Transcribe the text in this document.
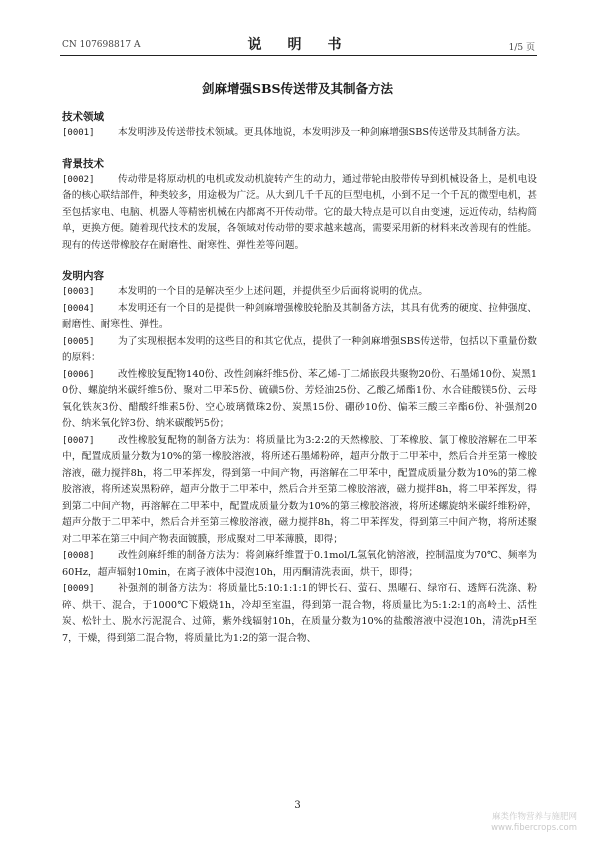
CN 107698817 A	说　明　书	1/5 页
剑麻增强SBS传送带及其制备方法

技术领域

[0001] 本发明涉及传送带技术领域。更具体地说，本发明涉及一种剑麻增强SBS传送带及其制备方法。

背景技术

[0002] 传动带是将原动机的电机或发动机旋转产生的动力，通过带轮由胶带传导到机械设备上，是机电设备的核心联结部件，种类较多，用途极为广泛。从大到几千千瓦的巨型电机，小到不足一个千瓦的微型电机，甚至包括家电、电脑、机器人等精密机械在内都离不开传动带。它的最大特点是可以自由变速，远近传动，结构简单，更换方便。随着现代技术的发展，各领域对传动带的要求越来越高，需要采用新的材料来改善现有的性能。现有的传送带橡胶存在耐磨性、耐寒性、弹性差等问题。

发明内容

[0003] 本发明的一个目的是解决至少上述问题，并提供至少后面将说明的优点。

[0004] 本发明还有一个目的是提供一种剑麻增强橡胶轮胎及其制备方法，其具有优秀的硬度、拉伸强度、耐磨性、耐寒性、弹性。

[0005] 为了实现根据本发明的这些目的和其它优点，提供了一种剑麻增强SBS传送带，包括以下重量份数的原料：

[0006] 改性橡胶复配物140份、改性剑麻纤维5份、苯乙烯-丁二烯嵌段共聚物20份、石墨烯10份、炭黑10份、螺旋纳米碳纤维5份、聚对二甲苯5份、硫磺5份、芳烃油25份、乙酸乙烯酯1份、水合硅酸镁5份、云母氧化铁灰3份、醋酸纤维素5份、空心玻璃微珠2份、炭黑15份、硼砂10份、偏苯三酸三辛酯6份、补强剂20份、纳米氧化锌3份、纳米碳酸钙5份；

[0007] 改性橡胶复配物的制备方法为：将质量比为3:2:2的天然橡胶、丁苯橡胶、氯丁橡胶溶解在二甲苯中，配置成质量分数为10%的第一橡胶溶液，将所述石墨烯粉碎，超声分散于二甲苯中，然后合并至第一橡胶溶液，磁力搅拌8h，将二甲苯挥发，得到第一中间产物，再溶解在二甲苯中，配置成质量分数为10%的第二橡胶溶液，将所述炭黑粉碎，超声分散于二甲苯中，然后合并至第二橡胶溶液，磁力搅拌8h，将二甲苯挥发，得到第二中间产物，再溶解在二甲苯中，配置成质量分数为10%的第三橡胶溶液，将所述螺旋纳米碳纤维粉碎，超声分散于二甲苯中，然后合并至第三橡胶溶液，磁力搅拌8h，将二甲苯挥发，得到第三中间产物，将所述聚对二甲苯在第三中间产物表面镀膜，形成聚对二甲苯薄膜，即得；

[0008] 改性剑麻纤维的制备方法为：将剑麻纤维置于0.1mol/L氢氧化钠溶液，控制温度为70℃、频率为60Hz，超声辐射10min，在离子液体中浸泡10h，用丙酮清洗表面，烘干，即得；

[0009] 补强剂的制备方法为：将质量比5:10:1:1:1的钾长石、萤石、黑曜石、绿帘石、透辉石洗涤、粉碎、烘干、混合，于1000℃下煅烧1h，冷却至室温，得到第一混合物，将质量比为5:1:2:1的高岭土、活性炭、松针土、脱水污泥混合、过筛，紫外线辐射10h，在质量分数为10%的盐酸溶液中浸泡10h，清洗pH至7，干燥，得到第二混合物，将质量比为1:2的第一混合物、

3
麻类作物营养与施肥网
www.fibercrops.com
